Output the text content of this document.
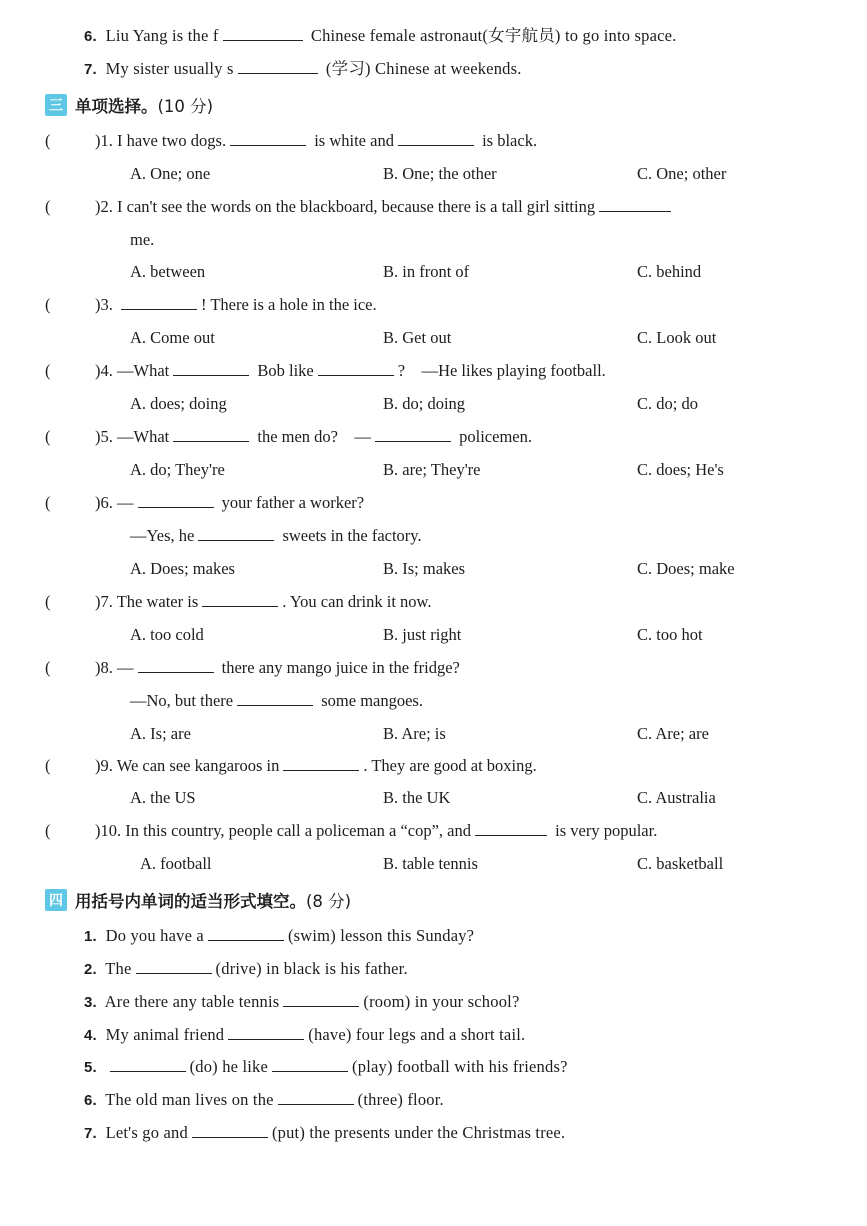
6. Liu Yang is the f	Chinese female astronaut(女宇航员) to go into space.
7. My sister usually s	(学习) Chinese at weekends.
三 单项选择。 (10 分)
(	)1. I have two dogs.	is white and	is black.
A. One; one	B. One; the other	C. One; other
(	)2. I can't see the words on the blackboard, because there is a tall girl sitting
me.
A. between	B. in front of	C. behind
(	)3.	! There is a hole in the ice.
A. Come out	B. Get out	C. Look out
(	)4. —What	Bob like	? —He likes playing football.
A. does; doing	B. do; doing	C. do; do
(	)5. —What	the men do? —	policemen.
A. do; They're	B. are; They're	C. does; He's
(	)6. —	your father a worker?
—Yes, he	sweets in the factory.
A. Does; makes	B. Is; makes	C. Does; make
(	)7. The water is	. You can drink it now.
A. too cold	B. just right	C. too hot
(	)8. —	there any mango juice in the fridge?
—No, but there	some mangoes.
A. Is; are	B. Are; is	C. Are; are
(	)9. We can see kangaroos in	. They are good at boxing.
A. the US	B. the UK	C. Australia
(	)10. In this country, people call a policeman a “cop”, and	is very popular.
A. football	B. table tennis	C. basketball
四 用括号内单词的适当形式填空。 (8 分)
1. Do you have a	(swim) lesson this Sunday?
2. The	(drive) in black is his father.
3. Are there any table tennis	(room) in your school?
4. My animal friend	(have) four legs and a short tail.
5.	(do) he like	(play) football with his friends?
6. The old man lives on the	(three) floor.
7. Let's go and	(put) the presents under the Christmas tree.
